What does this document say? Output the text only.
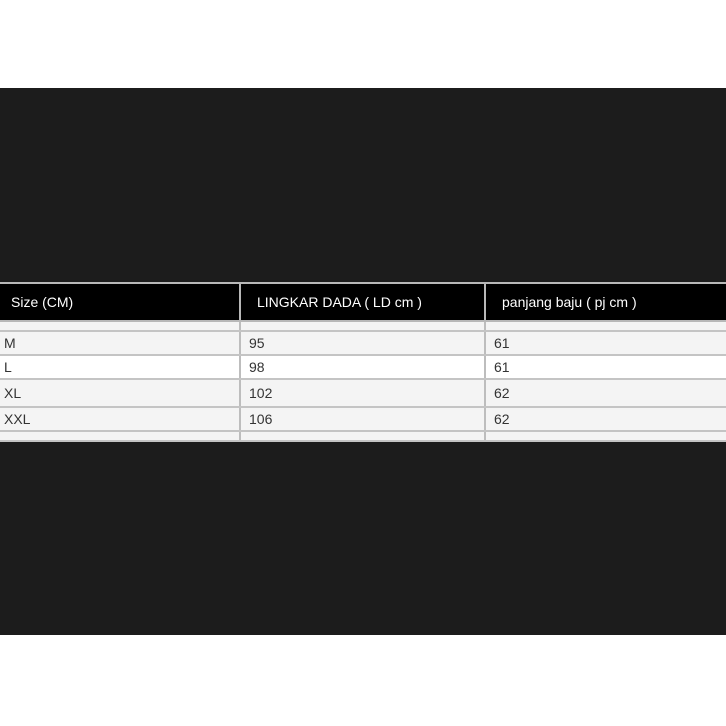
Size (CM)	LINGKAR DADA ( LD cm )	panjang baju ( pj cm )

M	95	61
L	98	61
XL	102	62
XXL	106	62
